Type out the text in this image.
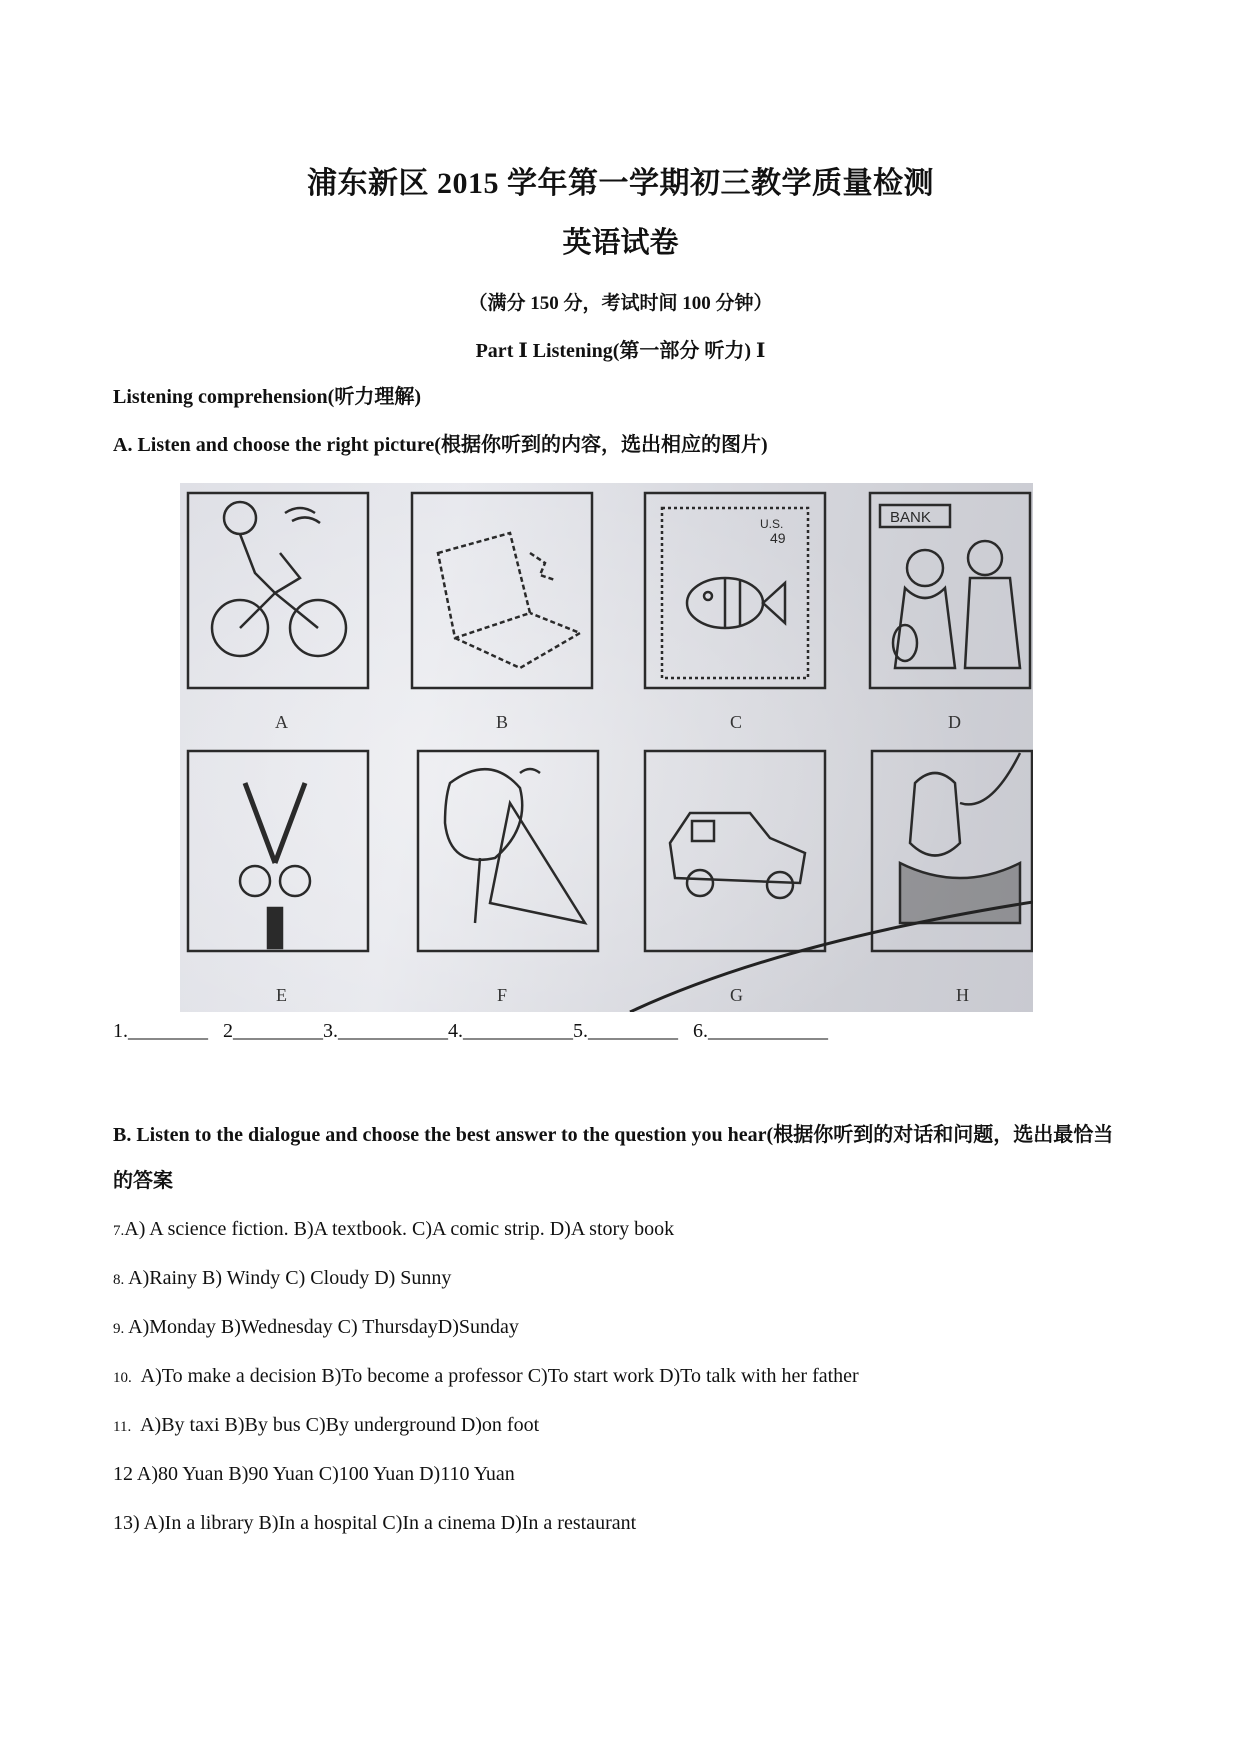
浦东新区 2015 学年第一学期初三教学质量检测
英语试卷
（满分 150 分，考试时间 100 分钟）
Part Ⅰ Listening(第一部分 听力) Ⅰ
Listening comprehension(听力理解)
A. Listen and choose the right picture(根据你听到的内容，选出相应的图片)
U.S.
49
BANK
A	B	C	D
E	F	G	H
1.________   2_________3.___________4.___________5._________   6.____________
B. Listen to the dialogue and choose the best answer to the question you hear(根据你听到的对话和问题，选出最恰当的答案
7.A) A science fiction. B)A textbook. C)A comic strip. D)A story book
8. A)Rainy B) Windy C) Cloudy D) Sunny
9. A)Monday B)Wednesday C) ThursdayD)Sunday
10.  A)To make a decision B)To become a professor C)To start work D)To talk with her father
11.  A)By taxi B)By bus C)By underground D)on foot
12 A)80 Yuan B)90 Yuan C)100 Yuan D)110 Yuan
13) A)In a library B)In a hospital C)In a cinema D)In a restaurant
